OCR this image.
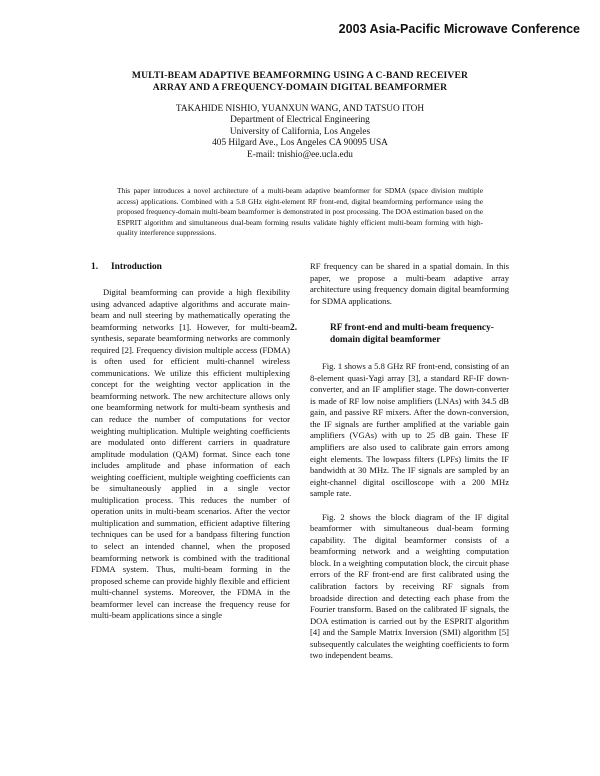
2003 Asia-Pacific Microwave Conference
MULTI-BEAM ADAPTIVE BEAMFORMING USING A C-BAND RECEIVER
ARRAY AND A FREQUENCY-DOMAIN DIGITAL BEAMFORMER
TAKAHIDE NISHIO, YUANXUN WANG, AND TATSUO ITOH
Department of Electrical Engineering
University of California, Los Angeles
405 Hilgard Ave., Los Angeles CA 90095 USA
E-mail: tnishio@ee.ucla.edu

This paper introduces a novel architecture of a multi-beam adaptive beamformer for SDMA (space division multiple access) applications. Combined with a 5.8 GHz eight-element RF front-end, digital beamforming performance using the proposed frequency-domain multi-beam beamformer is demonstrated in post processing. The DOA estimation based on the ESPRIT algorithm and simultaneous dual-beam forming results validate highly efficient multi-beam forming with high-quality interference suppressions.

1. Introduction

Digital beamforming can provide a high flexibility using advanced adaptive algorithms and accurate main-beam and null steering by mathematically operating the beamforming networks [1]. However, for multi-beam synthesis, separate beamforming networks are commonly required [2]. Frequency division multiple access (FDMA) is often used for efficient multi-channel wireless communications. We utilize this efficient multiplexing concept for the weighting vector application in the beamforming network. The new architecture allows only one beamforming network for multi-beam synthesis and can reduce the number of computations for vector weighting multiplication. Multiple weighting coefficients are modulated onto different carriers in quadrature amplitude modulation (QAM) format. Since each tone includes amplitude and phase information of each weighting coefficient, multiple weighting coefficients can be simultaneously applied in a single vector multiplication process. This reduces the number of operation units in multi-beam scenarios. After the vector multiplication and summation, efficient adaptive filtering techniques can be used for a bandpass filtering function to select an intended channel, when the proposed beamforming network is combined with the traditional FDMA system. Thus, multi-beam forming in the proposed scheme can provide highly flexible and efficient multi-channel systems. Moreover, the FDMA in the beamformer level can increase the frequency reuse for multi-beam applications since a single

RF frequency can be shared in a spatial domain. In this paper, we propose a multi-beam adaptive array architecture using frequency domain digital beamforming for SDMA applications.

2.	RF front-end and multi-beam frequency-domain digital beamformer

Fig. 1 shows a 5.8 GHz RF front-end, consisting of an 8-element quasi-Yagi array [3], a standard RF-IF down-converter, and an IF amplifier stage. The down-converter is made of RF low noise amplifiers (LNAs) with 34.5 dB gain, and passive RF mixers. After the down-conversion, the IF signals are further amplified at the variable gain amplifiers (VGAs) with up to 25 dB gain. These IF amplifiers are also used to calibrate gain errors among eight elements. The lowpass filters (LPFs) limits the IF bandwidth at 30 MHz. The IF signals are sampled by an eight-channel digital oscilloscope with a 200 MHz sample rate.

Fig. 2 shows the block diagram of the IF digital beamformer with simultaneous dual-beam forming capability. The digital beamformer consists of a beamforming network and a weighting computation block. In a weighting computation block, the circuit phase errors of the RF front-end are first calibrated using the calibration factors by receiving RF signals from broadside direction and detecting each phase from the Fourier transform. Based on the calibrated IF signals, the DOA estimation is carried out by the ESPRIT algorithm [4] and the Sample Matrix Inversion (SMI) algorithm [5] subsequently calculates the weighting coefficients to form two independent beams.
